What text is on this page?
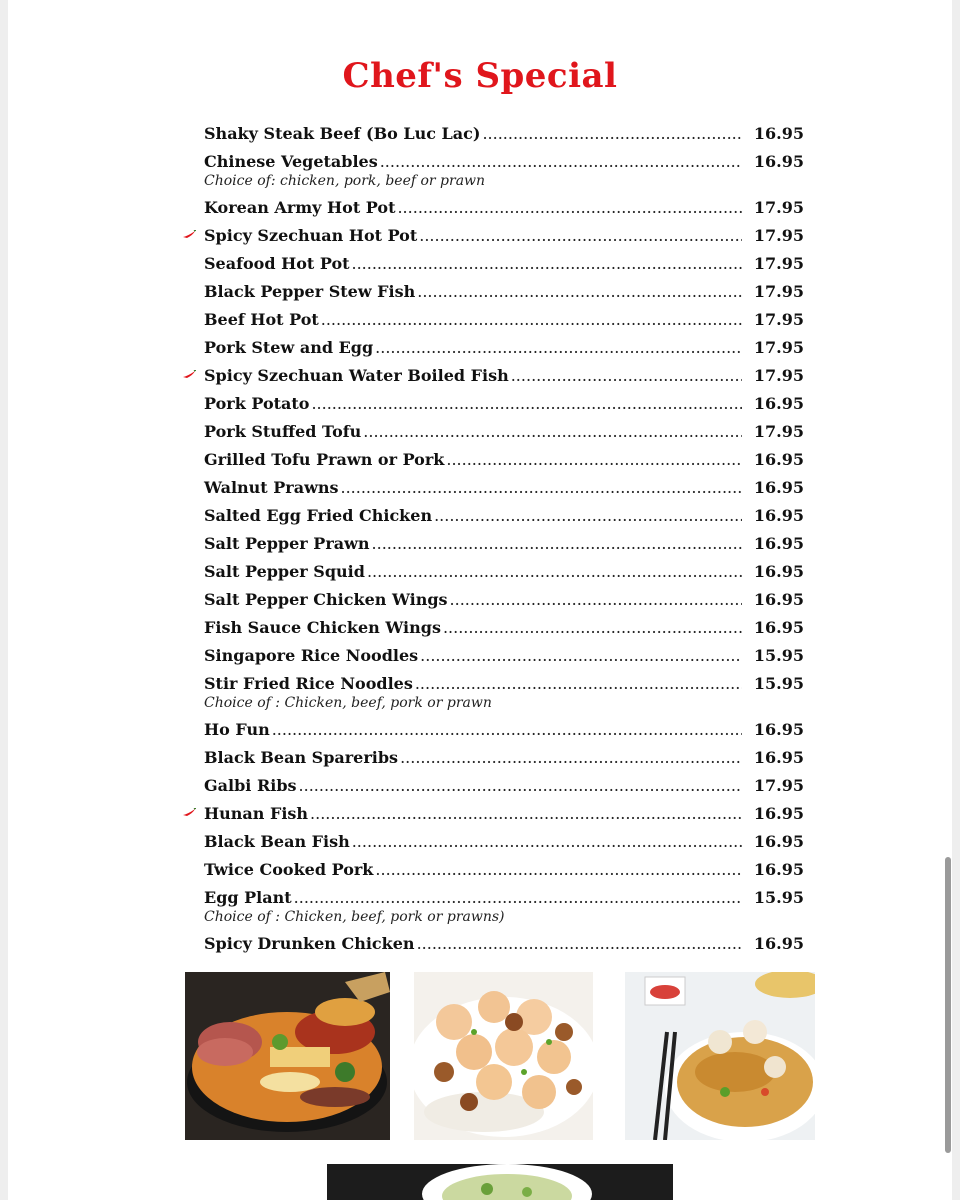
Chef's Special
Shaky Steak Beef (Bo Luc Lac) .....	16.95
Chinese Vegetables .....	16.95
Choice of: chicken, pork, beef or prawn
Korean Army Hot Pot .....	17.95
Spicy Szechuan Hot Pot .....	17.95
Seafood Hot Pot .....	17.95
Black Pepper Stew Fish .....	17.95
Beef Hot Pot .....	17.95
Pork Stew and Egg .....	17.95
Spicy Szechuan Water Boiled Fish .....	17.95
Pork Potato .....	16.95
Pork Stuffed Tofu .....	17.95
Grilled Tofu Prawn or Pork .....	16.95
Walnut Prawns .....	16.95
Salted Egg Fried Chicken .....	16.95
Salt Pepper Prawn .....	16.95
Salt Pepper Squid .....	16.95
Salt Pepper Chicken Wings .....	16.95
Fish Sauce Chicken Wings .....	16.95
Singapore Rice Noodles .....	15.95
Stir Fried Rice Noodles .....	15.95
Choice of : Chicken, beef, pork or prawn
Ho Fun .....	16.95
Black Bean Spareribs .....	16.95
Galbi Ribs .....	17.95
Hunan Fish .....	16.95
Black Bean Fish .....	16.95
Twice Cooked Pork .....	16.95
Egg Plant .....	15.95
Choice of : Chicken, beef, pork or prawns)
Spicy Drunken Chicken .....	16.95
